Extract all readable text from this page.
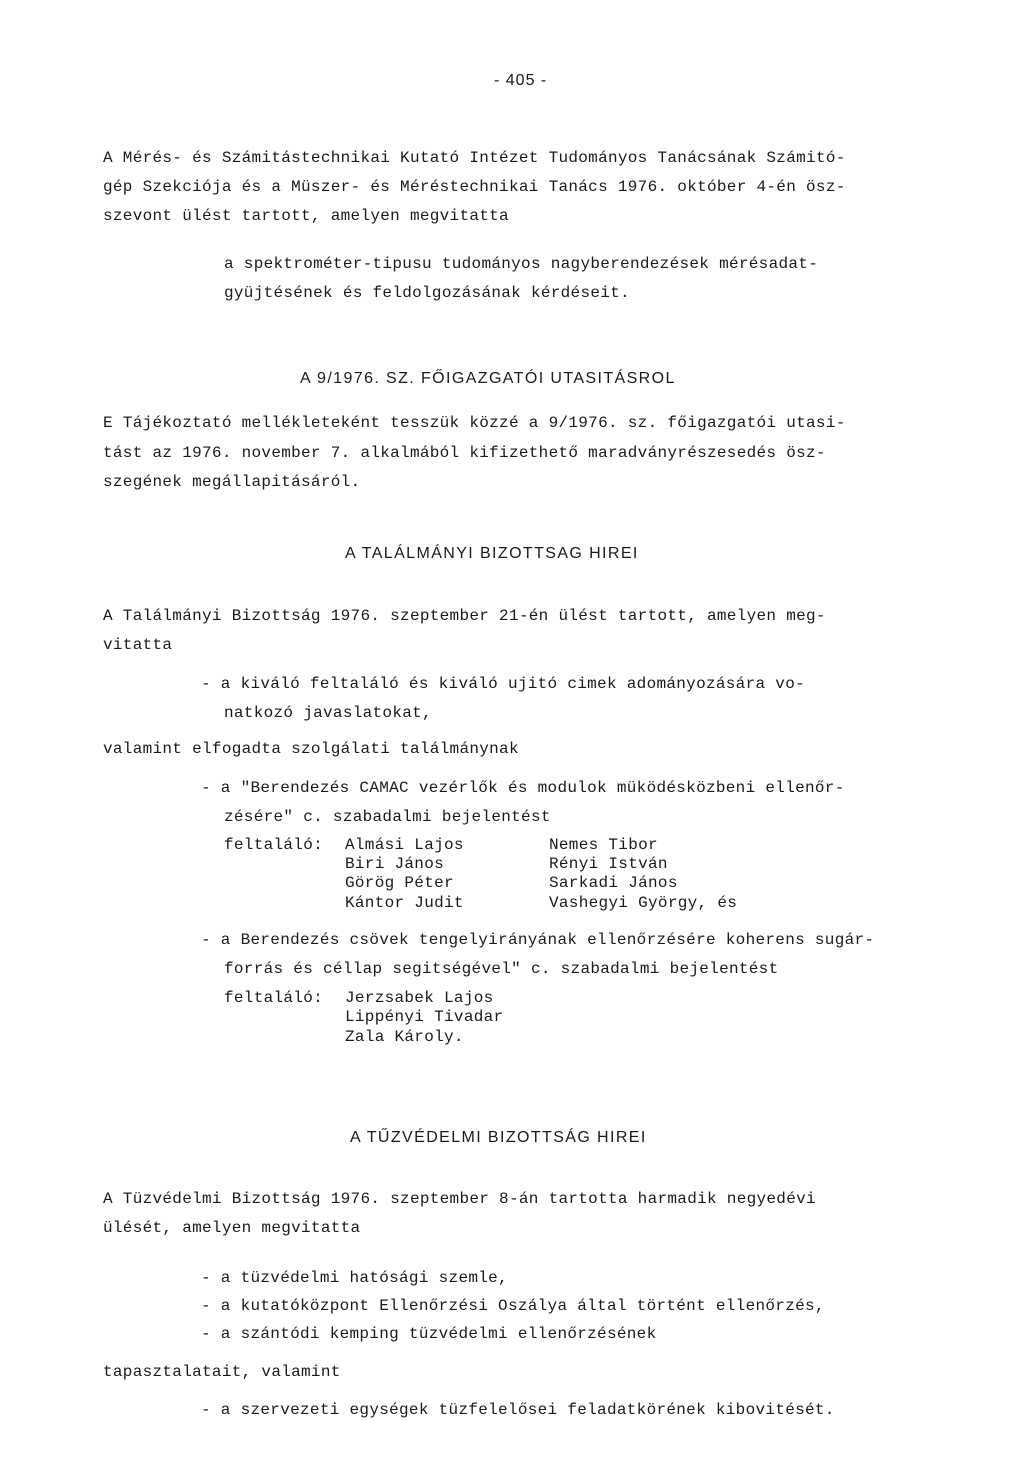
- 405 -
A Mérés- és Számitástechnikai Kutató Intézet Tudományos Tanácsának Számitó-
gép Szekciója és a Müszer- és Méréstechnikai Tanács 1976. október 4-én ösz-
szevont ülést tartott, amelyen megvitatta
a spektrométer-tipusu tudományos nagyberendezések mérésadat-
gyüjtésének és feldolgozásának kérdéseit.
A 9/1976. SZ. FŐIGAZGATÓI UTASITÁSROL
E Tájékoztató mellékleteként tesszük közzé a 9/1976. sz. főigazgatói utasi-
tást az 1976. november 7. alkalmából kifizethető maradványrészesedés ösz-
szegének megállapitásáról.
A TALÁLMÁNYI BIZOTTSAG HIREI
A Találmányi Bizottság 1976. szeptember 21-én ülést tartott, amelyen meg-
vitatta
- a kiváló feltaláló és kiváló ujitó cimek adományozására vo-
natkozó javaslatokat,
valamint elfogadta szolgálati találmánynak
- a "Berendezés CAMAC vezérlők és modulok müködésközbeni ellenőr-
zésére" c. szabadalmi bejelentést
feltaláló: Almási Lajos
Biri János
Görög Péter
Kántor Judit
Nemes Tibor
Rényi István
Sarkadi János
Vashegyi György, és
- a Berendezés csövek tengelyirányának ellenőrzésére koherens sugár-
forrás és céllap segitségével" c. szabadalmi bejelentést
feltaláló: Jerzsabek Lajos
Lippényi Tivadar
Zala Károly.
A TŰZVÉDELMI BIZOTTSÁG HIREI
A Tüzvédelmi Bizottság 1976. szeptember 8-án tartotta harmadik negyedévi
ülését, amelyen megvitatta
- a tüzvédelmi hatósági szemle,
- a kutatóközpont Ellenőrzési Oszálya által történt ellenőrzés,
- a szántódi kemping tüzvédelmi ellenőrzésének
tapasztalatait, valamint
- a szervezeti egységek tüzfelelősei feladatkörének kibovitését.
